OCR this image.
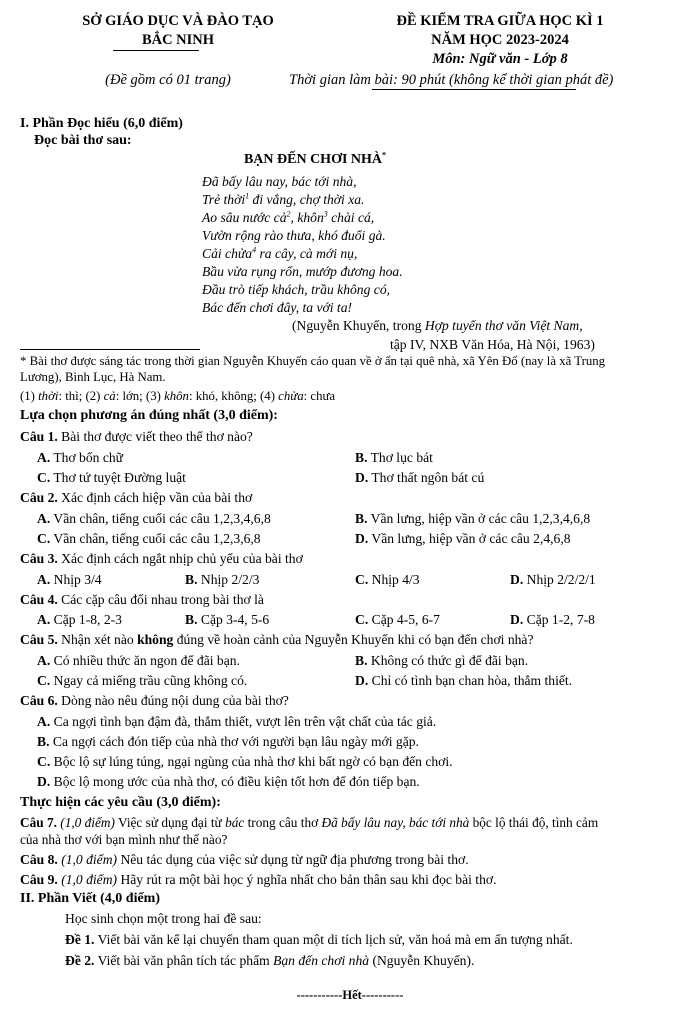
SỞ GIÁO DỤC VÀ ĐÀO TẠO
BẮC NINH
(Đề gồm có 01 trang)
ĐỀ KIỂM TRA GIỮA HỌC KÌ 1
NĂM HỌC 2023-2024
Môn: Ngữ văn - Lớp 8
Thời gian làm bài: 90 phút (không kể thời gian phát đề)
I. Phần Đọc hiểu (6,0 điểm)
Đọc bài thơ sau:
BẠN ĐẾN CHƠI NHÀ*
Đã bấy lâu nay, bác tới nhà,
Trẻ thời$^1$ đi vắng, chợ thời xa.
Ao sâu nước cả$^2$, khôn$^3$ chài cá,
Vườn rộng rào thưa, khó đuổi gà.
Cải chửa$^4$ ra cây, cà mới nụ,
Bầu vừa rụng rốn, mướp đương hoa.
Đầu trò tiếp khách, trầu không có,
Bác đến chơi đây, ta với ta!
(Nguyễn Khuyến, trong Hợp tuyển thơ văn Việt Nam,
tập IV, NXB Văn Hóa, Hà Nội, 1963)
* Bài thơ được sáng tác trong thời gian Nguyễn Khuyến cáo quan về ở ẩn tại quê nhà, xã Yên Đổ (nay là xã Trung
Lương), Bình Lục, Hà Nam.
(1) thời: thì; (2) cả: lớn; (3) khôn: khó, không; (4) chửa: chưa
Lựa chọn phương án đúng nhất (3,0 điểm):
Câu 1. Bài thơ được viết theo thể thơ nào?
A. Thơ bốn chữ	B. Thơ lục bát
C. Thơ tứ tuyệt Đường luật	D. Thơ thất ngôn bát cú
Câu 2. Xác định cách hiệp vần của bài thơ
A. Vần chân, tiếng cuối các câu 1,2,3,4,6,8	B. Vần lưng, hiệp vần ở các câu 1,2,3,4,6,8
C. Vần chân, tiếng cuối các câu 1,2,3,6,8	D. Vần lưng, hiệp vần ở các câu 2,4,6,8
Câu 3. Xác định cách ngắt nhịp chủ yếu của bài thơ
A. Nhịp 3/4	B. Nhịp 2/2/3	C. Nhịp 4/3	D. Nhịp 2/2/2/1
Câu 4. Các cặp câu đối nhau trong bài thơ là
A. Cặp 1-8, 2-3	B. Cặp 3-4, 5-6	C. Cặp 4-5, 6-7	D. Cặp 1-2, 7-8
Câu 5. Nhận xét nào không đúng về hoàn cảnh của Nguyễn Khuyến khi có bạn đến chơi nhà?
A. Có nhiều thức ăn ngon để đãi bạn.	B. Không có thức gì để đãi bạn.
C. Ngay cả miếng trầu cũng không có.	D. Chỉ có tình bạn chan hòa, thắm thiết.
Câu 6. Dòng nào nêu đúng nội dung của bài thơ?
A. Ca ngợi tình bạn đậm đà, thắm thiết, vượt lên trên vật chất của tác giả.
B. Ca ngợi cách đón tiếp của nhà thơ với người bạn lâu ngày mới gặp.
C. Bộc lộ sự lúng túng, ngại ngùng của nhà thơ khi bất ngờ có bạn đến chơi.
D. Bộc lộ mong ước của nhà thơ, có điều kiện tốt hơn để đón tiếp bạn.
Thực hiện các yêu cầu (3,0 điểm):
Câu 7. (1,0 điểm) Việc sử dụng đại từ bác trong câu thơ Đã bấy lâu nay, bác tới nhà bộc lộ thái độ, tình cảm
của nhà thơ với bạn mình như thế nào?
Câu 8. (1,0 điểm) Nêu tác dụng của việc sử dụng từ ngữ địa phương trong bài thơ.
Câu 9. (1,0 điểm) Hãy rút ra một bài học ý nghĩa nhất cho bản thân sau khi đọc bài thơ.
II. Phần Viết (4,0 điểm)
Học sinh chọn một trong hai đề sau:
Đề 1. Viết bài văn kể lại chuyến tham quan một di tích lịch sử, văn hoá mà em ấn tượng nhất.
Đề 2. Viết bài văn phân tích tác phẩm Bạn đến chơi nhà (Nguyễn Khuyến).
-----------Hết----------
